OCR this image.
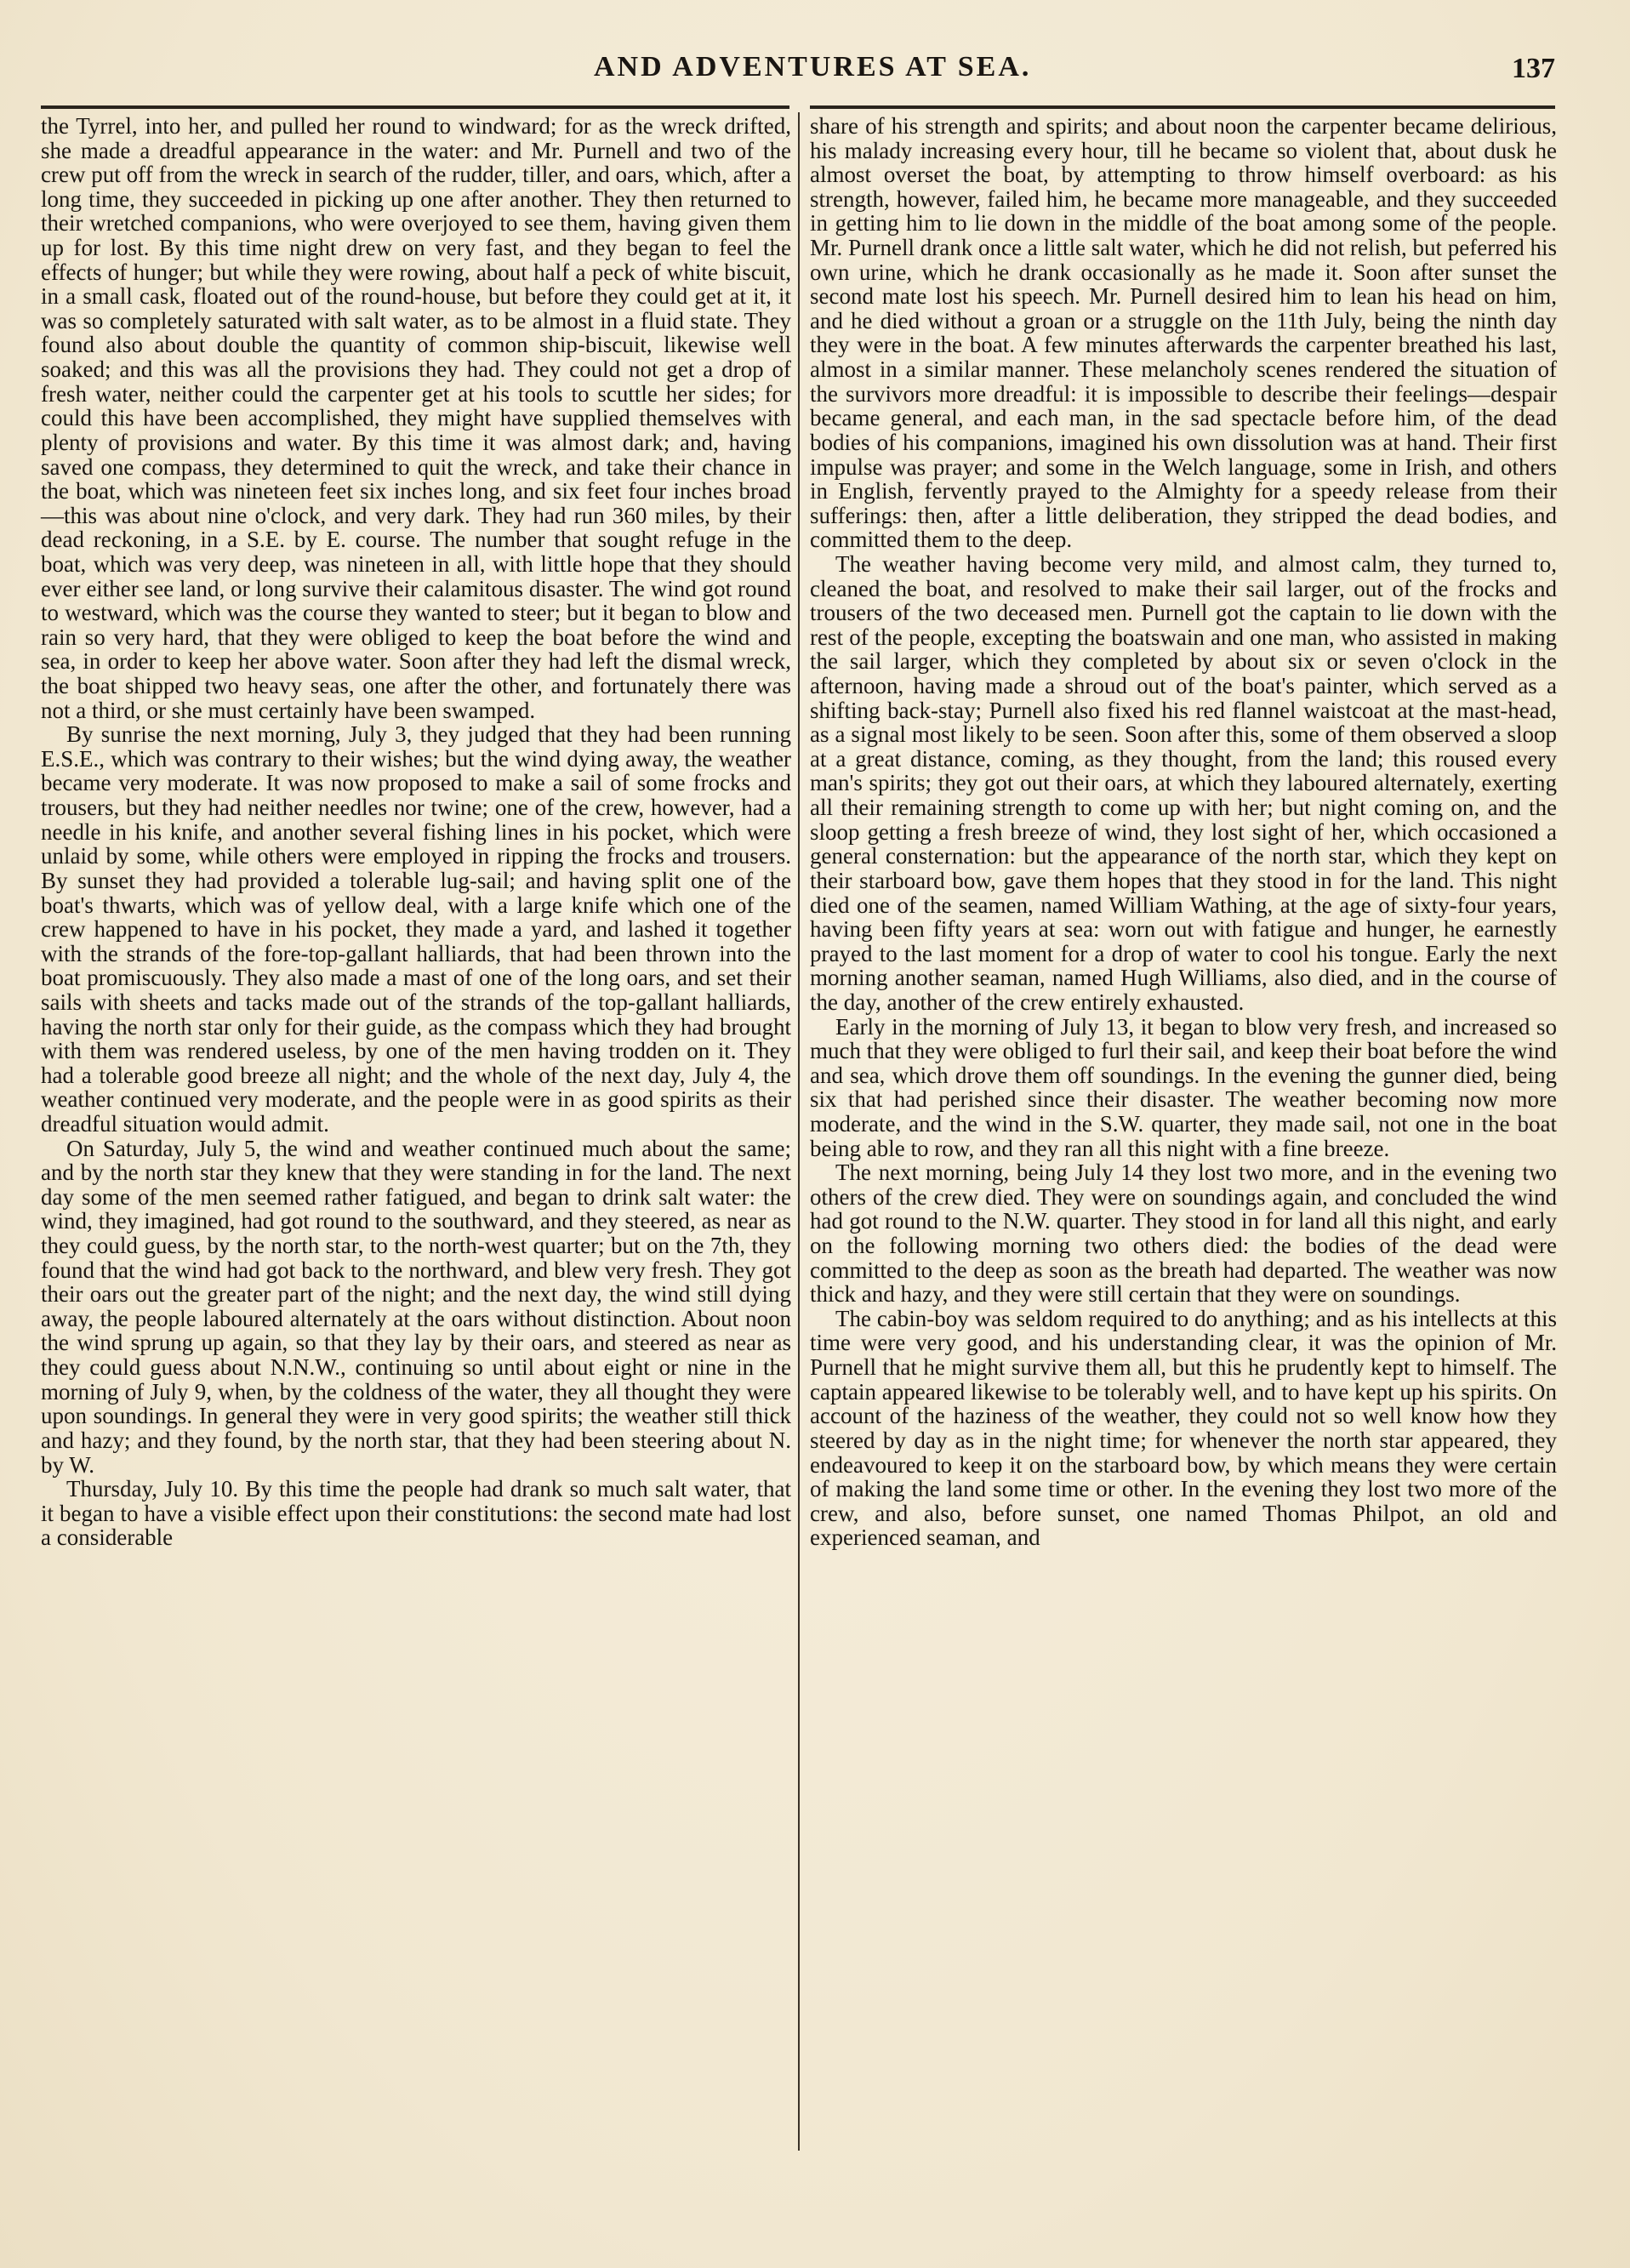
AND ADVENTURES AT SEA.	137

the Tyrrel, into her, and pulled her round to windward; for as the wreck drifted, she made a dreadful appearance in the water: and Mr. Purnell and two of the crew put off from the wreck in search of the rudder, tiller, and oars, which, after a long time, they succeeded in picking up one after another. They then returned to their wretched companions, who were overjoyed to see them, having given them up for lost. By this time night drew on very fast, and they began to feel the effects of hunger; but while they were rowing, about half a peck of white biscuit, in a small cask, floated out of the round-house, but before they could get at it, it was so completely saturated with salt water, as to be almost in a fluid state. They found also about double the quantity of common ship-biscuit, likewise well soaked; and this was all the provisions they had. They could not get a drop of fresh water, neither could the carpenter get at his tools to scuttle her sides; for could this have been accomplished, they might have supplied themselves with plenty of provisions and water. By this time it was almost dark; and, having saved one compass, they determined to quit the wreck, and take their chance in the boat, which was nineteen feet six inches long, and six feet four inches broad—this was about nine o'clock, and very dark. They had run 360 miles, by their dead reckoning, in a S.E. by E. course. The number that sought refuge in the boat, which was very deep, was nineteen in all, with little hope that they should ever either see land, or long survive their calamitous disaster. The wind got round to westward, which was the course they wanted to steer; but it began to blow and rain so very hard, that they were obliged to keep the boat before the wind and sea, in order to keep her above water. Soon after they had left the dismal wreck, the boat shipped two heavy seas, one after the other, and fortunately there was not a third, or she must certainly have been swamped.

By sunrise the next morning, July 3, they judged that they had been running E.S.E., which was contrary to their wishes; but the wind dying away, the weather became very moderate. It was now proposed to make a sail of some frocks and trousers, but they had neither needles nor twine; one of the crew, however, had a needle in his knife, and another several fishing lines in his pocket, which were unlaid by some, while others were employed in ripping the frocks and trousers. By sunset they had provided a tolerable lug-sail; and having split one of the boat's thwarts, which was of yellow deal, with a large knife which one of the crew happened to have in his pocket, they made a yard, and lashed it together with the strands of the fore-top-gallant halliards, that had been thrown into the boat promiscuously. They also made a mast of one of the long oars, and set their sails with sheets and tacks made out of the strands of the top-gallant halliards, having the north star only for their guide, as the compass which they had brought with them was rendered useless, by one of the men having trodden on it. They had a tolerable good breeze all night; and the whole of the next day, July 4, the weather continued very moderate, and the people were in as good spirits as their dreadful situation would admit.

On Saturday, July 5, the wind and weather continued much about the same; and by the north star they knew that they were standing in for the land. The next day some of the men seemed rather fatigued, and began to drink salt water: the wind, they imagined, had got round to the southward, and they steered, as near as they could guess, by the north star, to the north-west quarter; but on the 7th, they found that the wind had got back to the northward, and blew very fresh. They got their oars out the greater part of the night; and the next day, the wind still dying away, the people laboured alternately at the oars without distinction. About noon the wind sprung up again, so that they lay by their oars, and steered as near as they could guess about N.N.W., continuing so until about eight or nine in the morning of July 9, when, by the coldness of the water, they all thought they were upon soundings. In general they were in very good spirits; the weather still thick and hazy; and they found, by the north star, that they had been steering about N. by W.

Thursday, July 10. By this time the people had drank so much salt water, that it began to have a visible effect upon their constitutions: the second mate had lost a considerable

share of his strength and spirits; and about noon the carpenter became delirious, his malady increasing every hour, till he became so violent that, about dusk he almost overset the boat, by attempting to throw himself overboard: as his strength, however, failed him, he became more manageable, and they succeeded in getting him to lie down in the middle of the boat among some of the people. Mr. Purnell drank once a little salt water, which he did not relish, but peferred his own urine, which he drank occasionally as he made it. Soon after sunset the second mate lost his speech. Mr. Purnell desired him to lean his head on him, and he died without a groan or a struggle on the 11th July, being the ninth day they were in the boat. A few minutes afterwards the carpenter breathed his last, almost in a similar manner. These melancholy scenes rendered the situation of the survivors more dreadful: it is impossible to describe their feelings—despair became general, and each man, in the sad spectacle before him, of the dead bodies of his companions, imagined his own dissolution was at hand. Their first impulse was prayer; and some in the Welch language, some in Irish, and others in English, fervently prayed to the Almighty for a speedy release from their sufferings: then, after a little deliberation, they stripped the dead bodies, and committed them to the deep.

The weather having become very mild, and almost calm, they turned to, cleaned the boat, and resolved to make their sail larger, out of the frocks and trousers of the two deceased men. Purnell got the captain to lie down with the rest of the people, excepting the boatswain and one man, who assisted in making the sail larger, which they completed by about six or seven o'clock in the afternoon, having made a shroud out of the boat's painter, which served as a shifting back-stay; Purnell also fixed his red flannel waistcoat at the mast-head, as a signal most likely to be seen. Soon after this, some of them observed a sloop at a great distance, coming, as they thought, from the land; this roused every man's spirits; they got out their oars, at which they laboured alternately, exerting all their remaining strength to come up with her; but night coming on, and the sloop getting a fresh breeze of wind, they lost sight of her, which occasioned a general consternation: but the appearance of the north star, which they kept on their starboard bow, gave them hopes that they stood in for the land. This night died one of the seamen, named William Wathing, at the age of sixty-four years, having been fifty years at sea: worn out with fatigue and hunger, he earnestly prayed to the last moment for a drop of water to cool his tongue. Early the next morning another seaman, named Hugh Williams, also died, and in the course of the day, another of the crew entirely exhausted.

Early in the morning of July 13, it began to blow very fresh, and increased so much that they were obliged to furl their sail, and keep their boat before the wind and sea, which drove them off soundings. In the evening the gunner died, being six that had perished since their disaster. The weather becoming now more moderate, and the wind in the S.W. quarter, they made sail, not one in the boat being able to row, and they ran all this night with a fine breeze.

The next morning, being July 14 they lost two more, and in the evening two others of the crew died. They were on soundings again, and concluded the wind had got round to the N.W. quarter. They stood in for land all this night, and early on the following morning two others died: the bodies of the dead were committed to the deep as soon as the breath had departed. The weather was now thick and hazy, and they were still certain that they were on soundings.

The cabin-boy was seldom required to do anything; and as his intellects at this time were very good, and his understanding clear, it was the opinion of Mr. Purnell that he might survive them all, but this he prudently kept to himself. The captain appeared likewise to be tolerably well, and to have kept up his spirits. On account of the haziness of the weather, they could not so well know how they steered by day as in the night time; for whenever the north star appeared, they endeavoured to keep it on the starboard bow, by which means they were certain of making the land some time or other. In the evening they lost two more of the crew, and also, before sunset, one named Thomas Philpot, an old and experienced seaman, and
